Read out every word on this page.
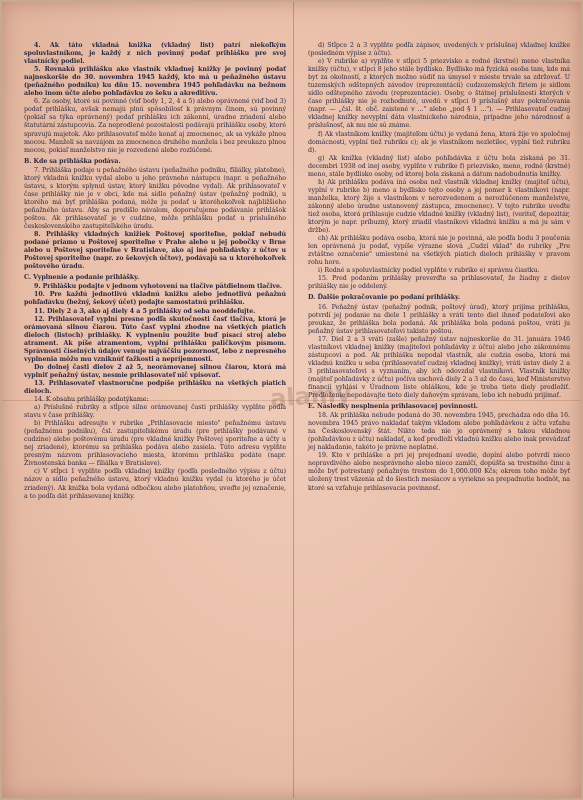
4. Ak táto vkladná knižka (vkladný list) patrí niekoľkým spoluvlastníkom, je každý z nich povinný podať prihlášku pre svoj vlastnícky podiel.

5. Rovnakú prihlášku ako vlastník vkladnej knižky je povinný podať najneskoršie do 30. novembra 1945 každý, kto má u peňažného ústavu (peňažného podniku) ku dňu 15. novembra 1945 pohľadávku na bežnom alebo inom účte alebo pohľadávku zo šeku a akreditívu.

6. Za osoby, ktoré sú povinné (viď body 1, 2, 4 a 5) alebo oprávnené (viď bod 3) podať prihlášku, avšak nemajú plnú spôsobilosť k právnym činom, sú povinný (pokiaľ sa týka oprávnený) podať prihlášku ich zákonní, úradne zriadení alebo štatutární zástupcovia. Za neprodlené pozostalosti podávajú prihlášku osoby, ktoré spravujú majetok. Ako prihlasovateľ môže konať aj zmocnenec, ak sa vykáže plnou mocou. Manželi sa navzájom za zmocnenca druhého manžela i bez preukazu plnou mocou, pokiaľ manželstvo nie je rozvedené alebo rozlúčené.

B. Kde sa prihláška podáva.

7. Prihláška podaje u peňažného ústavu (peňažného podniku, filiálky, platebne), ktorý vkladnú knižku vydal alebo u jeho právneho nástupcu (napr. u peňažného ústavu, s ktorým splynul ústav, ktorý knižku pôvodne vydal). Ak prihlasovateľ v čase prihlášky nie je v obci, kde má sídlo peňažný ústav (peňažný podnik), u ktorého má byť prihláška podaná, môže ju podať u ktoréhokoľvek najbližšieho peňažného ústavu. Aby sa predišlo návalom, doporučujeme podávanie prihlášok poštou. Ak prihlasovateľ je v cudzine, môže prihlášku podať u príslušného československého zastupiteľského úradu.

8. Prihlášky vkladných knižiek Poštovej sporiteľne, pokiaľ nebudú podané priamo u Poštovej sporiteľne v Prahe alebo u jej pobočky v Brne alebo u Poštovej sporiteľne v Bratislave, ako aj iné pohľadávky z účtov u Poštovej sporiteľne (napr. zo šekových účtov), podávajú sa u ktoréhokoľvek poštového úradu.

C. Vyplnenie a podanie prihlášky.

9. Prihlášku podajte v jednom vyhotovení na tlačive pätdielnom tlačive.

10. Pre každú jednotlivú vkladnú knižku alebo jednotlivú peňažnú pohľadávku (bežný, šekový účet) podajte samostatnú prihlášku.

11. Diely 2 a 3, ako aj diely 4 a 5 prihlášky od seba neoddeľujte.

12. Prihlasovateľ vyplní presne podľa skutočnosti časť tlačiva, ktorá je orámovaná silnou čiarou. Túto časť vyplní zhodne na všetkých piatich dieloch (listoch) prihlášky. K vyplneniu použite buď písací stroj alebo atrament. Ak píše atramentom, vyplní prihlášku paličkovým písmom. Správnosti číselných údajov venuje najväčšiu pozornosť, lebo z nepresného vyplnenia môžu mu vzniknúť ťažkosti a nepríjemnosti.

Do dolnej časti dielov 2 až 5, neorámovanej silnou čiarou, ktorá má vyplniť peňažný ústav, nesmie prihlasovateľ nič vpisovať.

13. Prihlasovateľ vlastnoručne podpíše prihlášku na všetkých piatich dieloch.

14. K obsahu prihlášky podotýkame:

a) Príslušné rubriky a stĺpce silne orámovanej časti prihlášky vyplňte podľa stavu v čase prihlášky.

b) Prihlášku adresujte v rubrike „Prihlasovacie miesto" peňažnému ústavu (peňažnému podniku), čsl. zastupiteľskému úradu (pre prihlášky podávané v cudzine) alebo poštovému úradu (pre vkladné knižky Poštovej sporiteľne a účty u nej zriadené), ktorému sa prihláška podáva alebo zasiela. Túto adresu vyplňte presným názvom prihlasovacieho miesta, ktorému prihlášku podáte (napr. Živnostenská banka — filiálka v Bratislave).

c) V stĺpci 1 vyplňte podľa vkladnej knižky (podľa posledného výpisu z účtu) názov a sídlo peňažného ústavu, ktorý vkladnú knižku vydal (u ktorého je účet zriadený). Ak knižka bola vydaná odbočkou alebo platobňou, uveďte jej označenie, a to podľa dát prihlasovanej knižky.

d) Stĺpce 2 a 3 vyplňte podľa zápisov, uvedených v príslušnej vkladnej knižke (posledném výpise z účtu).

e) V rubrike a) vyplňte v stĺpci 5 priezvisko a rodné (krstné) meno vlastníka knižky (účtu), v stĺpci 8 jeho stále bydlisko. Bydlisko má fyzická osoba tam, kde má byt za okolností, z ktorých možno súdiť na úmysel v mieste trvale sa zdržovať. U tuzemských odštepných závodov (reprezentácií) cudzozemských firiem je sídlom sídlo odštepného závodu (reprezentácie). Osoby, o štátnej príslušnosti ktorých v čase prihlášky nie je rozhodnuté, uvedú v stĺpci 9 príslušný stav pokračovania (napr. — „čsl. št. obč. zaistené v ..." alebo „pod § 1 ..."). — Prihlasovateľ cudzej vkladnej knižky nevyplní dáta vlastníckeho národnia, prípadne jeho národnosť a príslušnosť, ak mu nie sú známe.

f) Ak vlastníkom knižky (majiteľom účtu) je vydaná žena, ktorá žije vo spoločnej domácnosti, vyplní tiež rubriku c); ak je vlastníkom nezletilec, vyplní tiež rubriku d).

g) Ak knižka (vkladný list) alebo pohľadávka z účtu bola získaná po 31. decembri 1938 od inej osoby, vyplňte v rubrike f) priezvisko, meno, rodné (krstné) meno, stále bydlisko osoby, od ktorej bola získaná a dátum nadobudnutia knižky.

h) Ak prihlášku podáva iná osoba než vlastník vkladnej knižky (majiteľ účtu), vyplní v rubrike b) meno a bydlisko tejto osoby a jej pomer k vlastníkovi (napr. manželka, ktorý žije s vlastníkom v nerozvedenom a nerozlúčenom manželstve, zákonný alebo úradne ustanovený zástupca, zmocnenec). V tejto rubrike uveďte tiež osoba, ktorá prihlasuje cudzie vkladné knižky (vkladný list), (veriteľ, depozitár, ktorým je napr. príbuzný, ktorý zriadil vlastníkovi vkladnú knižku a má ju sám v držbe).

ch) Ak prihlášku podáva osoba, ktorá nie je povinná, ale podľa bodu 3 poučenia len oprávnená ju podať, vypíše výrazne slová „Cudzí vklad" do rubriky „Pre zvláštne označenie" umiestené na všetkých piatich dieloch prihlášky v pravom rohu hore.

i) Rodné a spoluvlastnícky podiel vyplňte v rubrike e) správnu čiastku.

15. Pred podaním prihlášky preverďte sa prihlasovateľ, že žiadny z dielov prihlášky nie je oddelený.

D. Ďalšie pokračovanie po podaní prihlášky.

16. Peňažný ústav (peňažný podnik, poštový úrad), ktorý prijíma prihlášku, potvrdí jej podanie na diele 1 prihlášky a vráti tento diel ihneď podateľovi ako preukaz, že prihláška bola podaná. Ak prihláška bola podaná poštou, vráti ju peňažný ústav prihlasovateľovi takisto poštou.

17. Diel 2 a 3 vráti (zašle) peňažný ústav najneskoršie do 31. januára 1946 vlastníkovi vkladnej knižky (majiteľovi pohľadávky z účtu) alebo jeho zákonnému zástupcovi a pod. Ak prihlášku nepodal vlastník, ale cudzia osoba, ktorá má vkladnú knižku u seba (prihlasovateľ cudzej vkladnej knižky), vráti ústav diely 2 a 3 prihlasovateľovi s vyznaním, aby ich odovzdal vlastníkovi. Vlastník knižky (majiteľ pohľadávky z účtu) počíva uschová diely 2 a 3 až do času, keď Ministerstvo financií vyhlási v Úradnom liste ohláškou, kde je treba tieto diely predložiť. Predloženie nepodávajte tieto diely daňovým správam, lebo ich nebudú prijímať.

E. Následky nesplnenia prihlasovacej povinnosti.

18. Ak prihláška nebude podaná do 30. novembra 1945, prechádza odo dňa 16. novembra 1945 právo nakladať takým vkladom alebo pohľadávkou z účtu vzťahu na Československý štát. Nikto teda nie je oprávnený s takou vkladnou (pohľadávkou z účtu) nakladať, a keď predloží vkladnú knižku alebo inak prevádzať jej nakladanie, takéto je právne neplatné.

19. Kto v prihláške a pri jej prejednaní uvedie, dopíní alebo potvrdí nieco nepravdivého alebo nesprávneho alebo nieco zamlčí, dopúšťa sa trestného činu a môže byť potrestaný peňažným trestom do 1,000.000 Kčs; okrem toho môže byť uložený trest väzenia až do šiestich mesiacov a vyriekne sa prepadnutie hodnôt, na ktoré sa vzťahuje prihlasovacia povinnosť.

alamy
